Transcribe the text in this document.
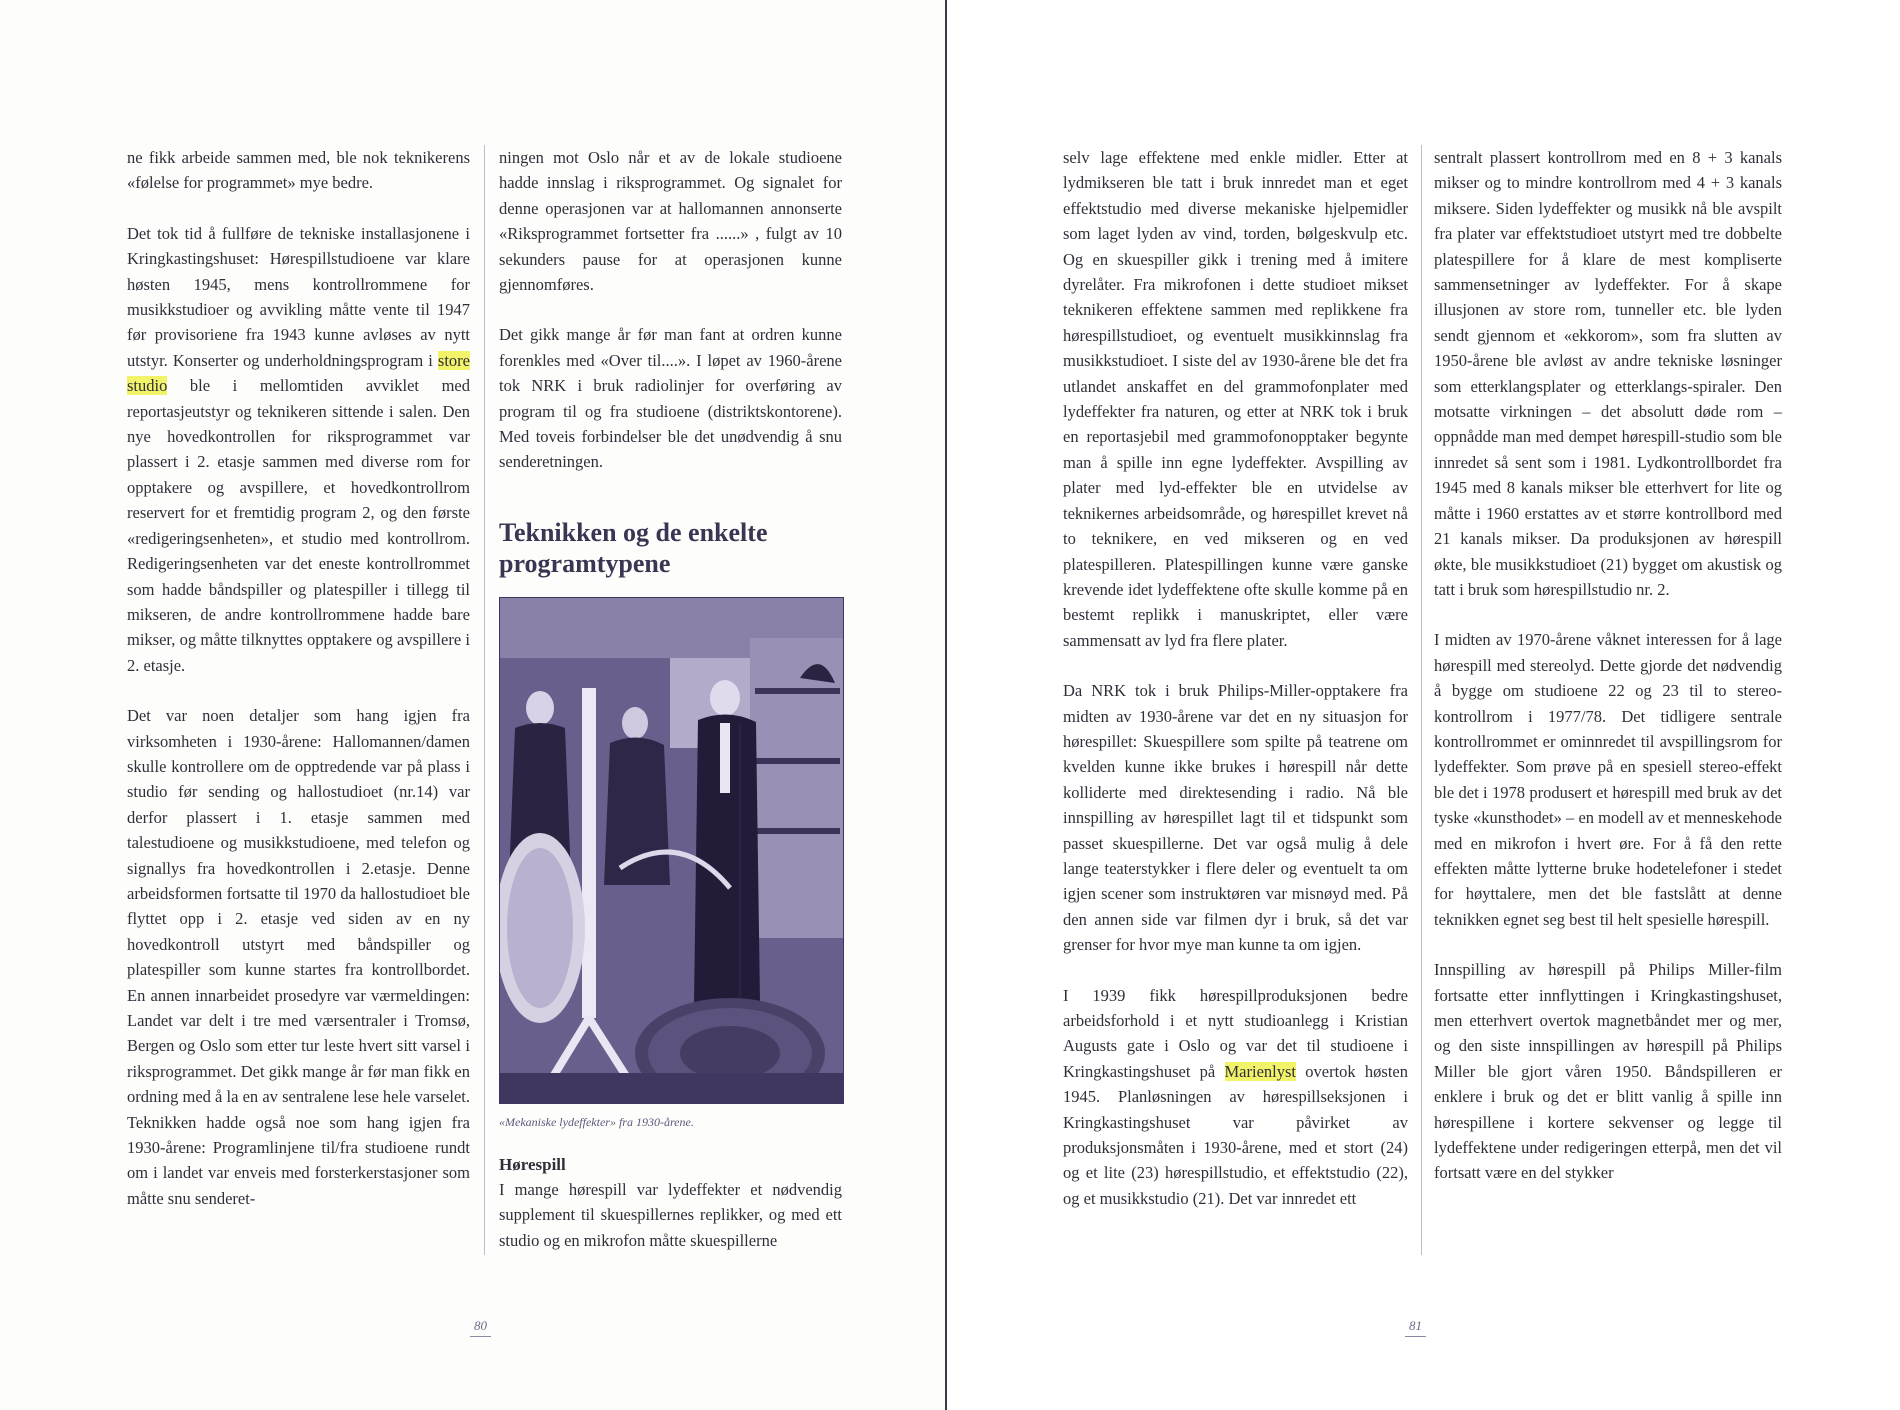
ne fikk arbeide sammen med, ble nok teknikerens «følelse for programmet» mye bedre.

Det tok tid å fullføre de tekniske installasjonene i Kringkastingshuset: Hørespillstudioene var klare høsten 1945, mens kontrollrommene for musikkstudioer og avvikling måtte vente til 1947 før provisoriene fra 1943 kunne avløses av nytt utstyr. Konserter og underholdningsprogram i store studio ble i mellomtiden avviklet med reportasjeutstyr og teknikeren sittende i salen. Den nye hovedkontrollen for riksprogrammet var plassert i 2. etasje sammen med diverse rom for opptakere og avspillere, et hovedkontrollrom reservert for et fremtidig program 2, og den første «redigeringsenheten», et studio med kontrollrom. Redigeringsenheten var det eneste kontrollrommet som hadde båndspiller og platespiller i tillegg til mikseren, de andre kontrollrommene hadde bare mikser, og måtte tilknyttes opptakere og avspillere i 2. etasje.

Det var noen detaljer som hang igjen fra virksomheten i 1930-årene: Hallomannen/damen skulle kontrollere om de opptredende var på plass i studio før sending og hallostudioet (nr.14) var derfor plassert i 1. etasje sammen med talestudioene og musikkstudioene, med telefon og signallys fra hovedkontrollen i 2.etasje. Denne arbeidsformen fortsatte til 1970 da hallostudioet ble flyttet opp i 2. etasje ved siden av en ny hovedkontroll utstyrt med båndspiller og platespiller som kunne startes fra kontrollbordet. En annen innarbeidet prosedyre var værmeldingen: Landet var delt i tre med værsentraler i Tromsø, Bergen og Oslo som etter tur leste hvert sitt varsel i riksprogrammet. Det gikk mange år før man fikk en ordning med å la en av sentralene lese hele varselet. Teknikken hadde også noe som hang igjen fra 1930-årene: Programlinjene til/fra studioene rundt om i landet var enveis med forsterkerstasjoner som måtte snu senderet-

ningen mot Oslo når et av de lokale studioene hadde innslag i riksprogrammet. Og signalet for denne operasjonen var at hallomannen annonserte «Riksprogrammet fortsetter fra ......» , fulgt av 10 sekunders pause for at operasjonen kunne gjennomføres.

Det gikk mange år før man fant at ordren kunne forenkles med «Over til....». I løpet av 1960-årene tok NRK i bruk radiolinjer for overføring av program til og fra studioene (distriktskontorene). Med toveis forbindelser ble det unødvendig å snu senderetningen.

Teknikken og de enkelte programtypene
«Mekaniske lydeffekter» fra 1930-årene.
Hørespill

I mange hørespill var lydeffekter et nødvendig supplement til skuespillernes replikker, og med ett studio og en mikrofon måtte skuespillerne

80

selv lage effektene med enkle midler. Etter at lydmikseren ble tatt i bruk innredet man et eget effektstudio med diverse mekaniske hjelpemidler som laget lyden av vind, torden, bølgeskvulp etc. Og en skuespiller gikk i trening med å imitere dyrelåter. Fra mikrofonen i dette studioet mikset teknikeren effektene sammen med replikkene fra hørespillstudioet, og eventuelt musikkinnslag fra musikkstudioet. I siste del av 1930-årene ble det fra utlandet anskaffet en del grammofonplater med lydeffekter fra naturen, og etter at NRK tok i bruk en reportasjebil med grammofonopptaker begynte man å spille inn egne lydeffekter. Avspilling av plater med lyd-effekter ble en utvidelse av teknikernes arbeidsområde, og hørespillet krevet nå to teknikere, en ved mikseren og en ved platespilleren. Platespillingen kunne være ganske krevende idet lydeffektene ofte skulle komme på en bestemt replikk i manuskriptet, eller være sammensatt av lyd fra flere plater.

Da NRK tok i bruk Philips-Miller-opptakere fra midten av 1930-årene var det en ny situasjon for hørespillet: Skuespillere som spilte på teatrene om kvelden kunne ikke brukes i hørespill når dette kolliderte med direktesending i radio. Nå ble innspilling av hørespillet lagt til et tidspunkt som passet skuespillerne. Det var også mulig å dele lange teaterstykker i flere deler og eventuelt ta om igjen scener som instruktøren var misnøyd med. På den annen side var filmen dyr i bruk, så det var grenser for hvor mye man kunne ta om igjen.

I 1939 fikk hørespillproduksjonen bedre arbeidsforhold i et nytt studioanlegg i Kristian Augusts gate i Oslo og var det til studioene i Kringkastingshuset på Marienlyst overtok høsten 1945. Planløsningen av hørespillseksjonen i Kringkastingshuset var påvirket av produksjonsmåten i 1930-årene, med et stort (24) og et lite (23) hørespillstudio, et effektstudio (22), og et musikkstudio (21). Det var innredet ett

sentralt plassert kontrollrom med en 8 + 3 kanals mikser og to mindre kontrollrom med 4 + 3 kanals miksere. Siden lydeffekter og musikk nå ble avspilt fra plater var effektstudioet utstyrt med tre dobbelte platespillere for å klare de mest kompliserte sammensetninger av lydeffekter. For å skape illusjonen av store rom, tunneller etc. ble lyden sendt gjennom et «ekkorom», som fra slutten av 1950-årene ble avløst av andre tekniske løsninger som etterklangsplater og etterklangs-spiraler. Den motsatte virkningen – det absolutt døde rom – oppnådde man med dempet hørespill-studio som ble innredet så sent som i 1981. Lydkontrollbordet fra 1945 med 8 kanals mikser ble etterhvert for lite og måtte i 1960 erstattes av et større kontrollbord med 21 kanals mikser. Da produksjonen av hørespill økte, ble musikkstudioet (21) bygget om akustisk og tatt i bruk som hørespillstudio nr. 2.

I midten av 1970-årene våknet interessen for å lage hørespill med stereolyd. Dette gjorde det nødvendig å bygge om studioene 22 og 23 til to stereo-kontrollrom i 1977/78. Det tidligere sentrale kontrollrommet er ominnredet til avspillingsrom for lydeffekter. Som prøve på en spesiell stereo-effekt ble det i 1978 produsert et hørespill med bruk av det tyske «kunsthodet» – en modell av et menneskehode med en mikrofon i hvert øre. For å få den rette effekten måtte lytterne bruke hodetelefoner i stedet for høyttalere, men det ble fastslått at denne teknikken egnet seg best til helt spesielle hørespill.

Innspilling av hørespill på Philips Miller-film fortsatte etter innflyttingen i Kringkastingshuset, men etterhvert overtok magnetbåndet mer og mer, og den siste innspillingen av hørespill på Philips Miller ble gjort våren 1950. Båndspilleren er enklere i bruk og det er blitt vanlig å spille inn hørespillene i kortere sekvenser og legge til lydeffektene under redigeringen etterpå, men det vil fortsatt være en del stykker

81
